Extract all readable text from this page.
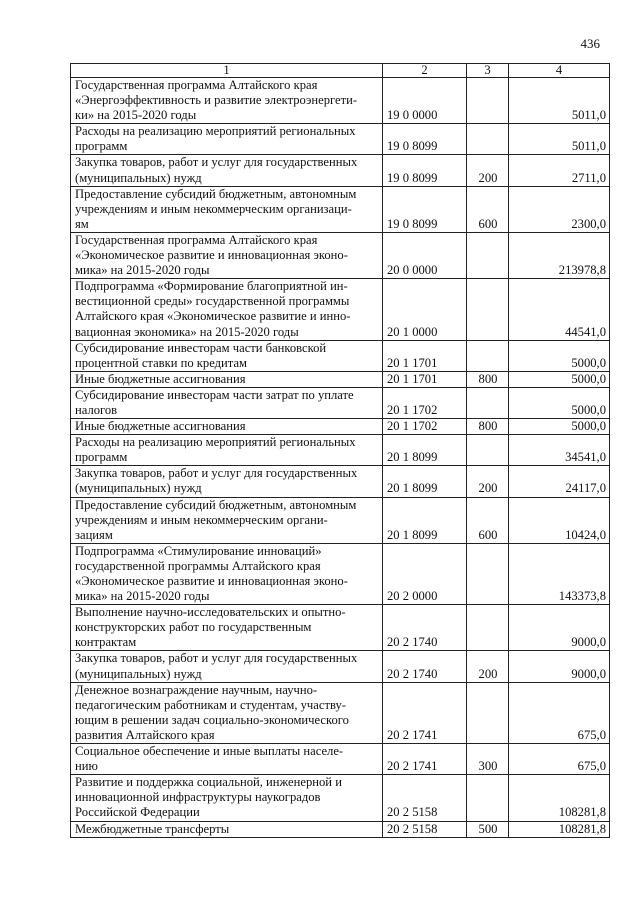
436
1	2	3	4

Государственная программа Алтайского края
«Энергоэффективность и развитие электроэнергети-
ки» на 2015-2020 годы	19 0 0000		5011,0

Расходы на реализацию мероприятий региональных
программ	19 0 8099		5011,0

Закупка товаров, работ и услуг для государственных
(муниципальных) нужд	19 0 8099	200	2711,0

Предоставление субсидий бюджетным, автономным
учреждениям и иным некоммерческим организаци-
ям	19 0 8099	600	2300,0

Государственная программа Алтайского края
«Экономическое развитие и инновационная эконо-
мика» на 2015-2020 годы	20 0 0000		213978,8

Подпрограмма «Формирование благоприятной ин-
вестиционной среды» государственной программы
Алтайского края «Экономическое развитие и инно-
вационная экономика» на 2015-2020 годы	20 1 0000		44541,0

Субсидирование инвесторам части банковской
процентной ставки по кредитам	20 1 1701		5000,0

Иные бюджетные ассигнования	20 1 1701	800	5000,0

Субсидирование инвесторам части затрат по уплате
налогов	20 1 1702		5000,0

Иные бюджетные ассигнования	20 1 1702	800	5000,0

Расходы на реализацию мероприятий региональных
программ	20 1 8099		34541,0

Закупка товаров, работ и услуг для государственных
(муниципальных) нужд	20 1 8099	200	24117,0

Предоставление субсидий бюджетным, автономным
учреждениям и иным некоммерческим органи-
зациям	20 1 8099	600	10424,0

Подпрограмма «Стимулирование инноваций»
государственной программы Алтайского края
«Экономическое развитие и инновационная эконо-
мика» на 2015-2020 годы	20 2 0000		143373,8

Выполнение научно-исследовательских и опытно-
конструкторских работ по государственным
контрактам	20 2 1740		9000,0

Закупка товаров, работ и услуг для государственных
(муниципальных) нужд	20 2 1740	200	9000,0

Денежное вознаграждение научным, научно-
педагогическим работникам и студентам, участву-
ющим в решении задач социально-экономического
развития Алтайского края	20 2 1741		675,0

Социальное обеспечение и иные выплаты населе-
нию	20 2 1741	300	675,0

Развитие и поддержка социальной, инженерной и
инновационной инфраструктуры наукоградов
Российской Федерации	20 2 5158		108281,8

Межбюджетные трансферты	20 2 5158	500	108281,8
